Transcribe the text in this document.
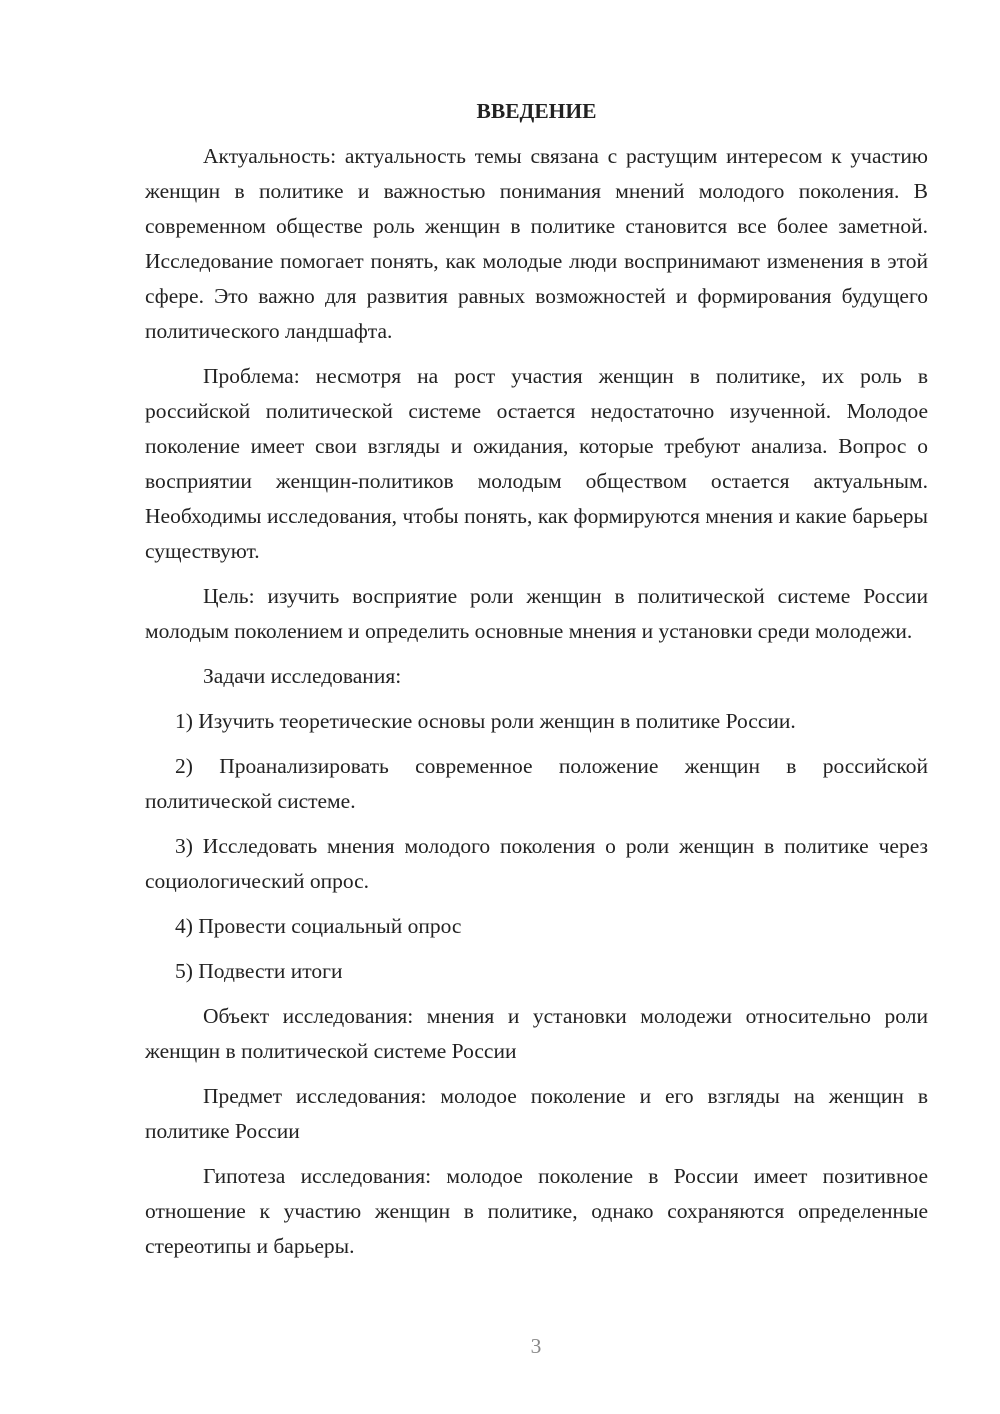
ВВЕДЕНИЕ

Актуальность: актуальность темы связана с растущим интересом к участию женщин в политике и важностью понимания мнений молодого поколения. В современном обществе роль женщин в политике становится все более заметной. Исследование помогает понять, как молодые люди воспринимают изменения в этой сфере. Это важно для развития равных возможностей и формирования будущего политического ландшафта.

Проблема: несмотря на рост участия женщин в политике, их роль в российской политической системе остается недостаточно изученной. Молодое поколение имеет свои взгляды и ожидания, которые требуют анализа. Вопрос о восприятии женщин-политиков молодым обществом остается актуальным. Необходимы исследования, чтобы понять, как формируются мнения и какие барьеры существуют.

Цель: изучить восприятие роли женщин в политической системе России молодым поколением и определить основные мнения и установки среди молодежи.

Задачи исследования:

1) Изучить теоретические основы роли женщин в политике России.

2) Проанализировать современное положение женщин в российской политической системе.

3) Исследовать мнения молодого поколения о роли женщин в политике через социологический опрос.

4) Провести социальный опрос

5) Подвести итоги

Объект исследования: мнения и установки молодежи относительно роли женщин в политической системе России

Предмет исследования: молодое поколение и его взгляды на женщин в политике России

Гипотеза исследования: молодое поколение в России имеет позитивное отношение к участию женщин в политике, однако сохраняются определенные стереотипы и барьеры.

3
